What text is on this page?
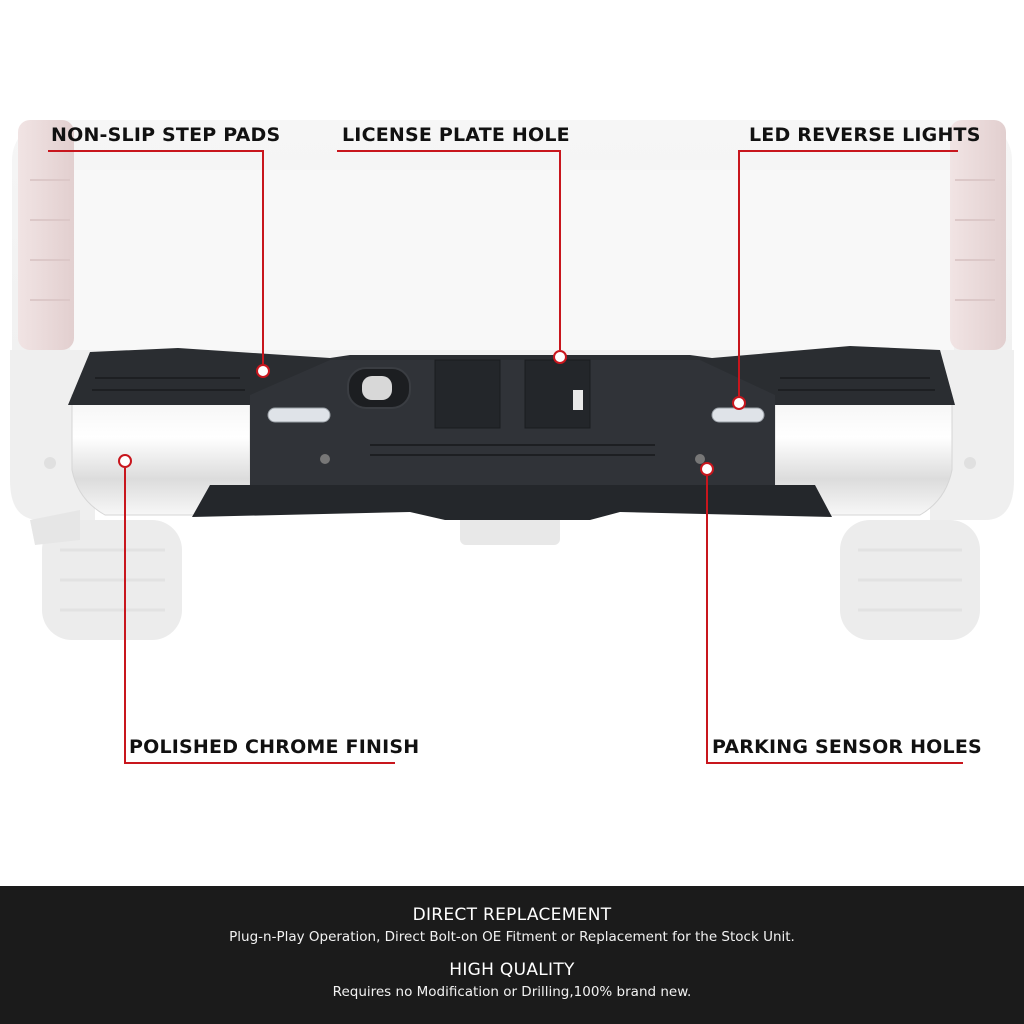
NON-SLIP STEP PADS	LICENSE PLATE HOLE	LED REVERSE LIGHTS

POLISHED CHROME FINISH	PARKING SENSOR HOLES

DIRECT REPLACEMENT

Plug-n-Play Operation, Direct Bolt-on OE Fitment or Replacement for the Stock Unit.

HIGH QUALITY

Requires no Modification or Drilling,100% brand new.
